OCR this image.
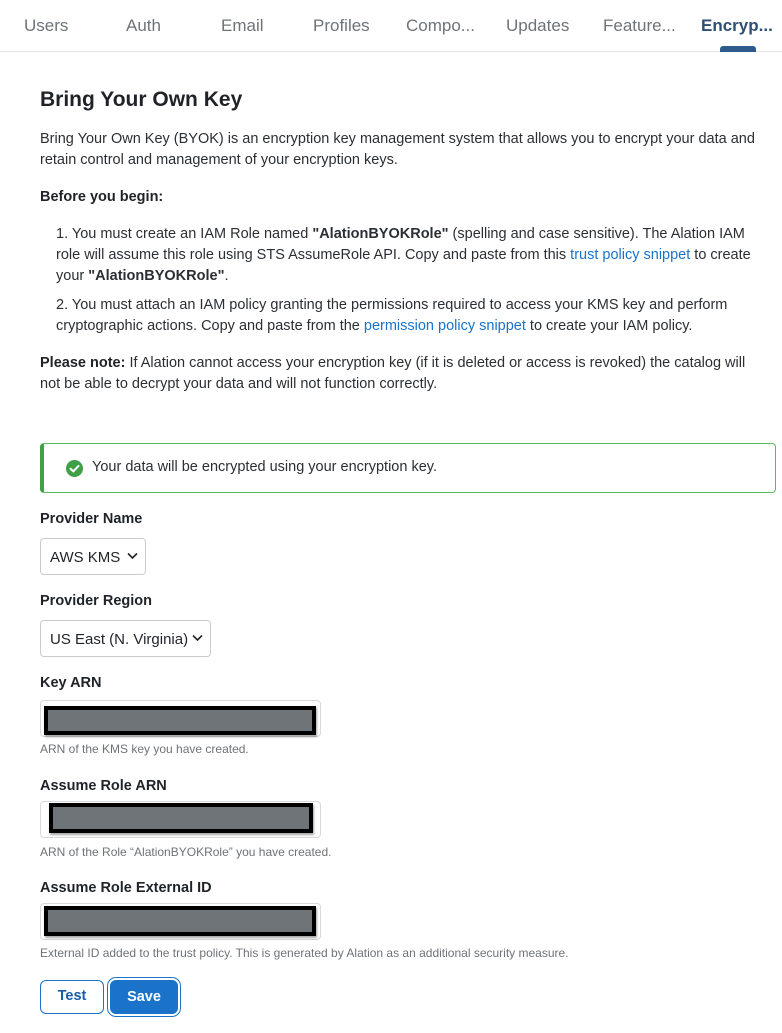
Users	Auth	Email	Profiles Compo... Updates Feature... Encryp...
Bring Your Own Key
Bring Your Own Key (BYOK) is an encryption key management system that allows you to encrypt your data and retain control and management of your encryption keys.
Before you begin:
1. You must create an IAM Role named "AlationBYOKRole" (spelling and case sensitive). The Alation IAM role will assume this role using STS AssumeRole API. Copy and paste from this trust policy snippet to create your "AlationBYOKRole".
2. You must attach an IAM policy granting the permissions required to access your KMS key and perform cryptographic actions. Copy and paste from the permission policy snippet to create your IAM policy.
Please note: If Alation cannot access your encryption key (if it is deleted or access is revoked) the catalog will not be able to decrypt your data and will not function correctly.
Your data will be encrypted using your encryption key.
Provider Name
AWS KMS
Provider Region
US East (N. Virginia)
Key ARN
ARN of the KMS key you have created.
Assume Role ARN
ARN of the Role “AlationBYOKRole” you have created.
Assume Role External ID
External ID added to the trust policy. This is generated by Alation as an additional security measure.
Test	Save
